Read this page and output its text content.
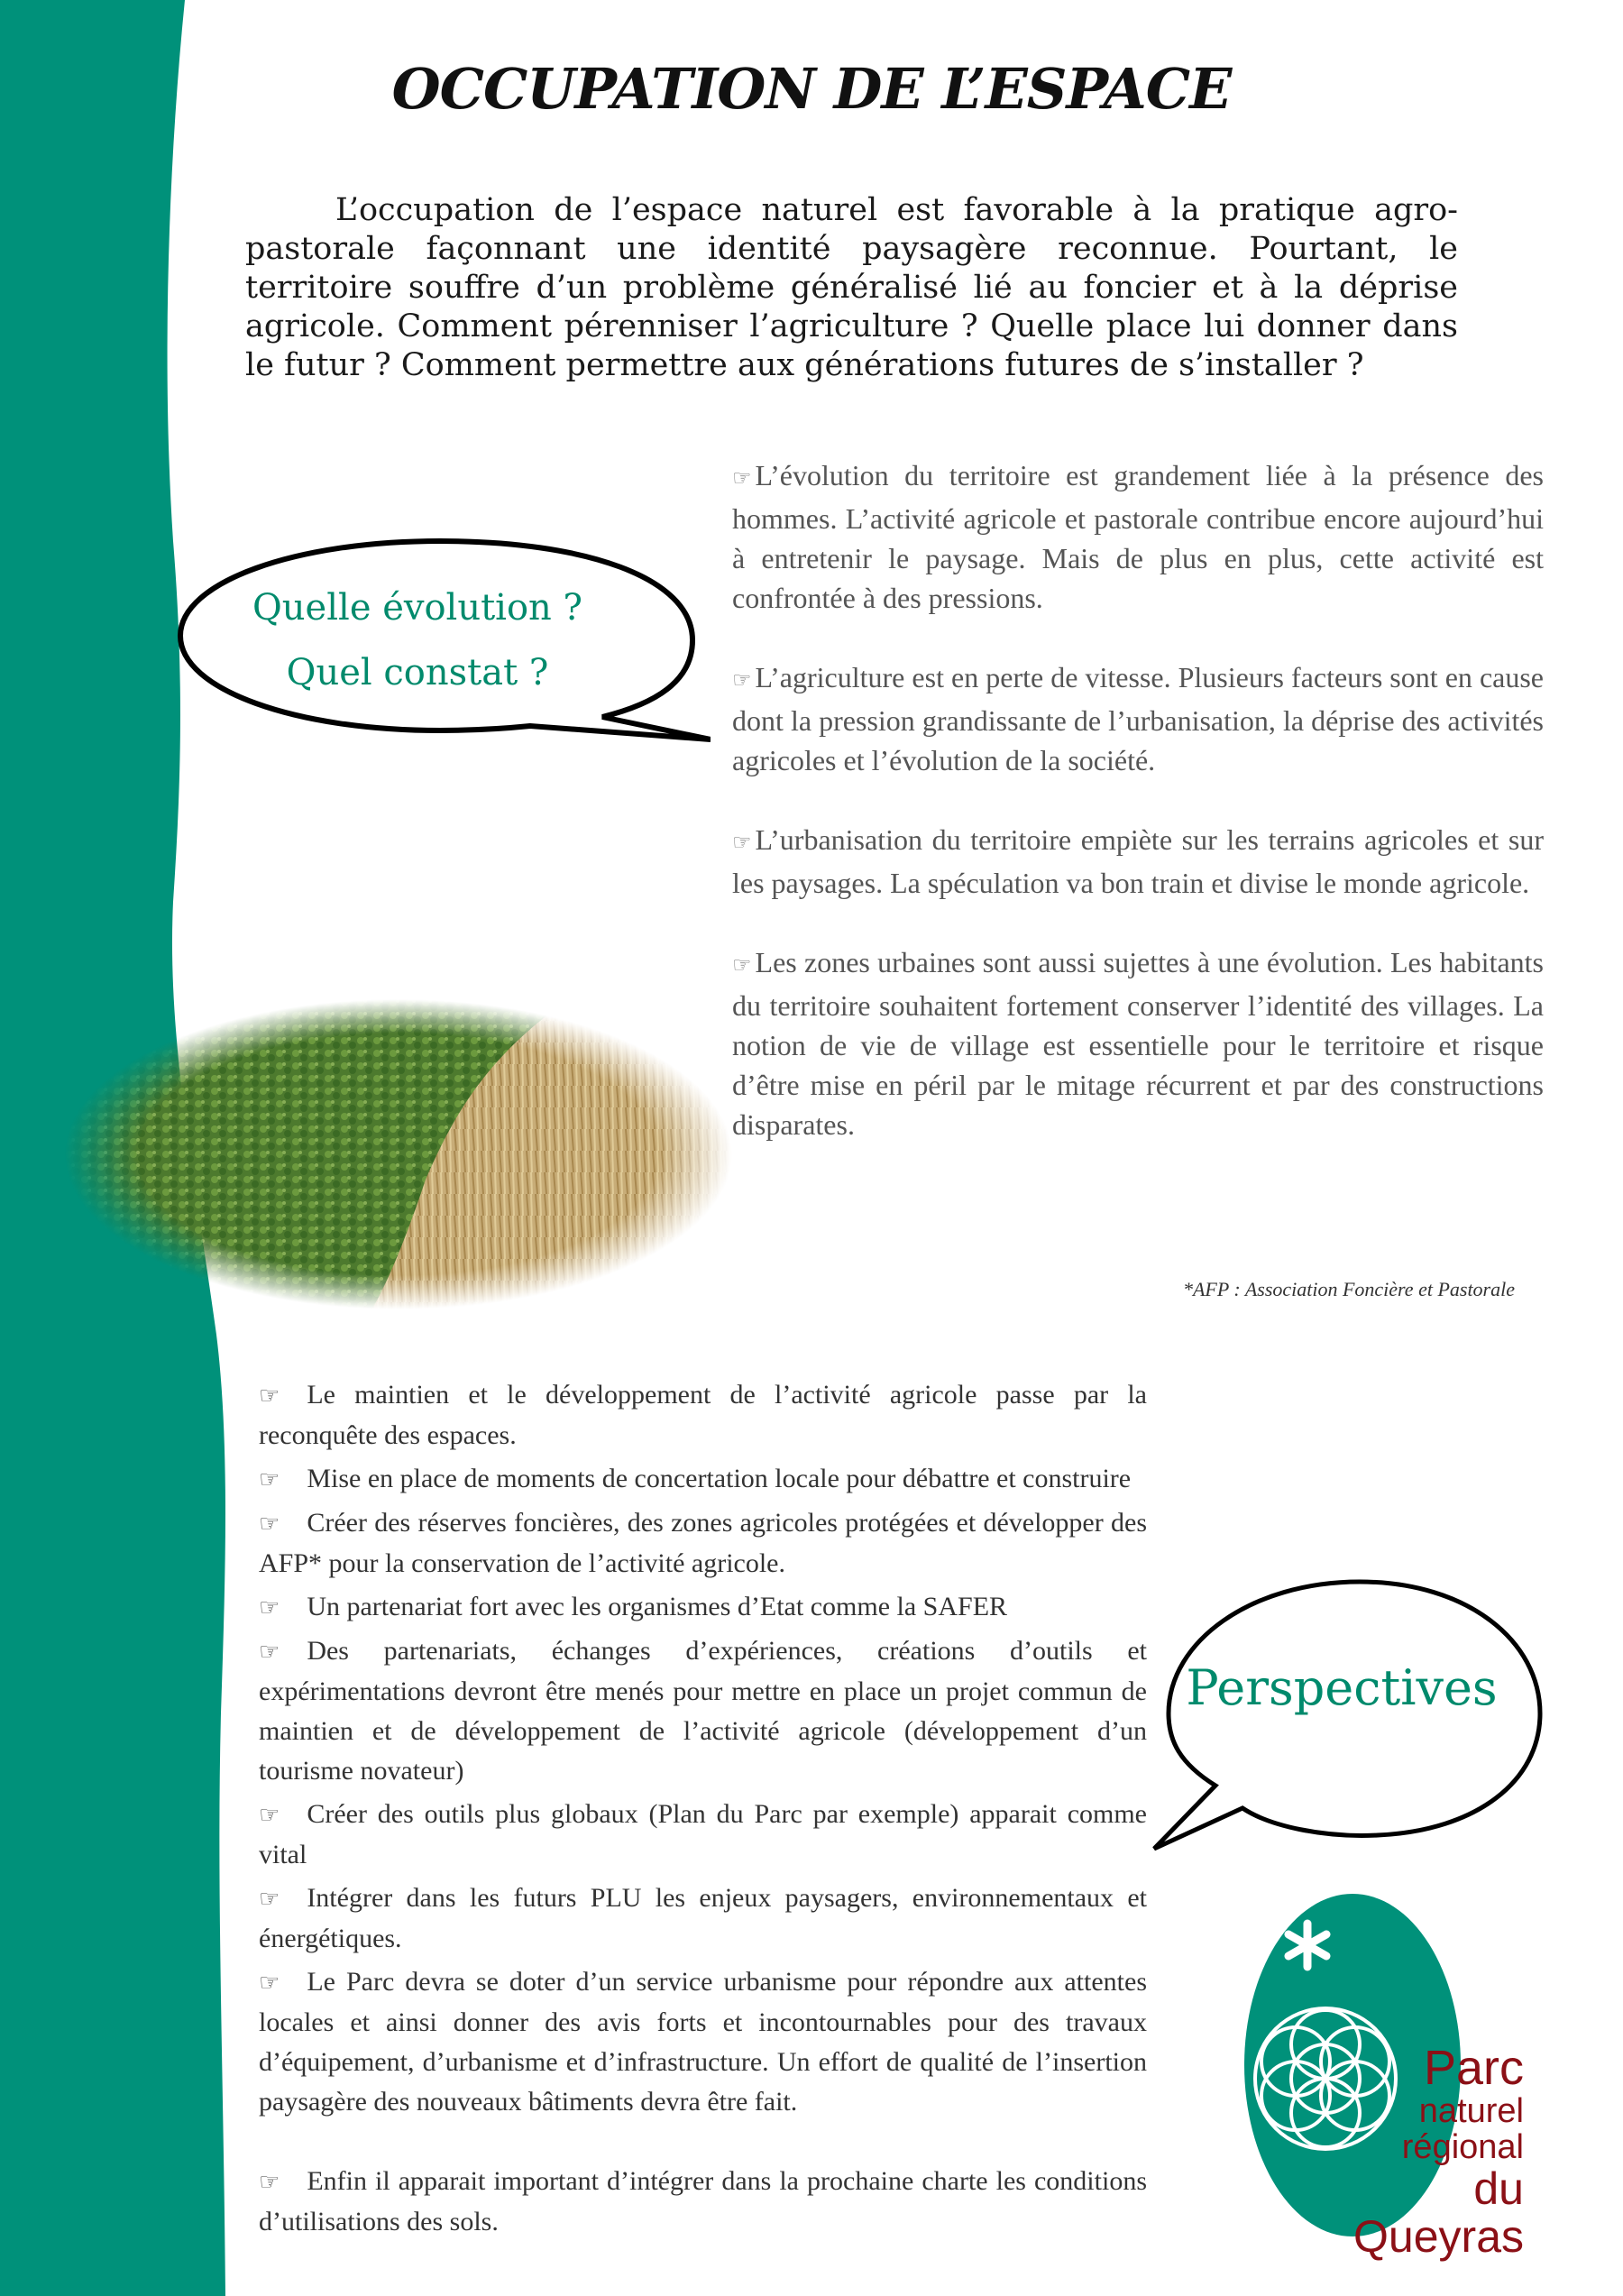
OCCUPATION DE L’ESPACE

L’occupation de l’espace naturel est favorable à la pratique agro-pastorale façonnant une identité paysagère reconnue. Pourtant, le territoire souffre d’un problème généralisé lié au foncier et à la déprise agricole. Comment pérenniser l’agriculture ? Quelle place lui donner dans le futur ? Comment permettre aux générations futures de s’installer ?

Quelle évolution ?
Quel constat ?
☞ L’évolution du territoire est grandement liée à la présence des hommes. L’activité agricole et pastorale contribue encore aujourd’hui à entretenir le paysage. Mais de plus en plus, cette activité est confrontée à des pressions.
☞ L’agriculture est en perte de vitesse. Plusieurs facteurs sont en cause dont la pression grandissante de l’urbanisation, la déprise des activités agricoles et l’évolution de la société.
☞ L’urbanisation du territoire empiète sur les terrains agricoles et sur les paysages. La spéculation va bon train et divise le monde agricole.
☞ Les zones urbaines sont aussi sujettes à une évolution. Les habitants du territoire souhaitent fortement conserver l’identité des villages. La notion de vie de village est essentielle pour le territoire et risque d’être mise en péril par le mitage récurrent et par des constructions disparates.
*AFP : Association Foncière et Pastorale
☞ Le maintien et le développement de l’activité agricole passe par la reconquête des espaces.
☞ Mise en place de moments de concertation locale pour débattre et construire
☞ Créer des réserves foncières, des zones agricoles protégées et développer des AFP* pour la conservation de l’activité agricole.
☞ Un partenariat fort avec les organismes d’Etat comme la SAFER
☞ Des partenariats, échanges d’expériences, créations d’outils et expérimentations devront être menés pour mettre en place un projet commun de maintien et de développement de l’activité agricole (développement d’un tourisme novateur)
☞ Créer des outils plus globaux (Plan du Parc par exemple) apparait comme vital
☞ Intégrer dans les futurs PLU les enjeux paysagers, environnementaux et énergétiques.
☞ Le Parc devra se doter d’un service urbanisme pour répondre aux attentes locales et ainsi donner des avis forts et incontournables pour des travaux d’équipement, d’urbanisme et d’infrastructure. Un effort de qualité de l’insertion paysagère des nouveaux bâtiments devra être fait.
☞ Enfin il apparait important d’intégrer dans la prochaine charte les conditions d’utilisations des sols.
Perspectives
Parc
naturel
régional
du Queyras
